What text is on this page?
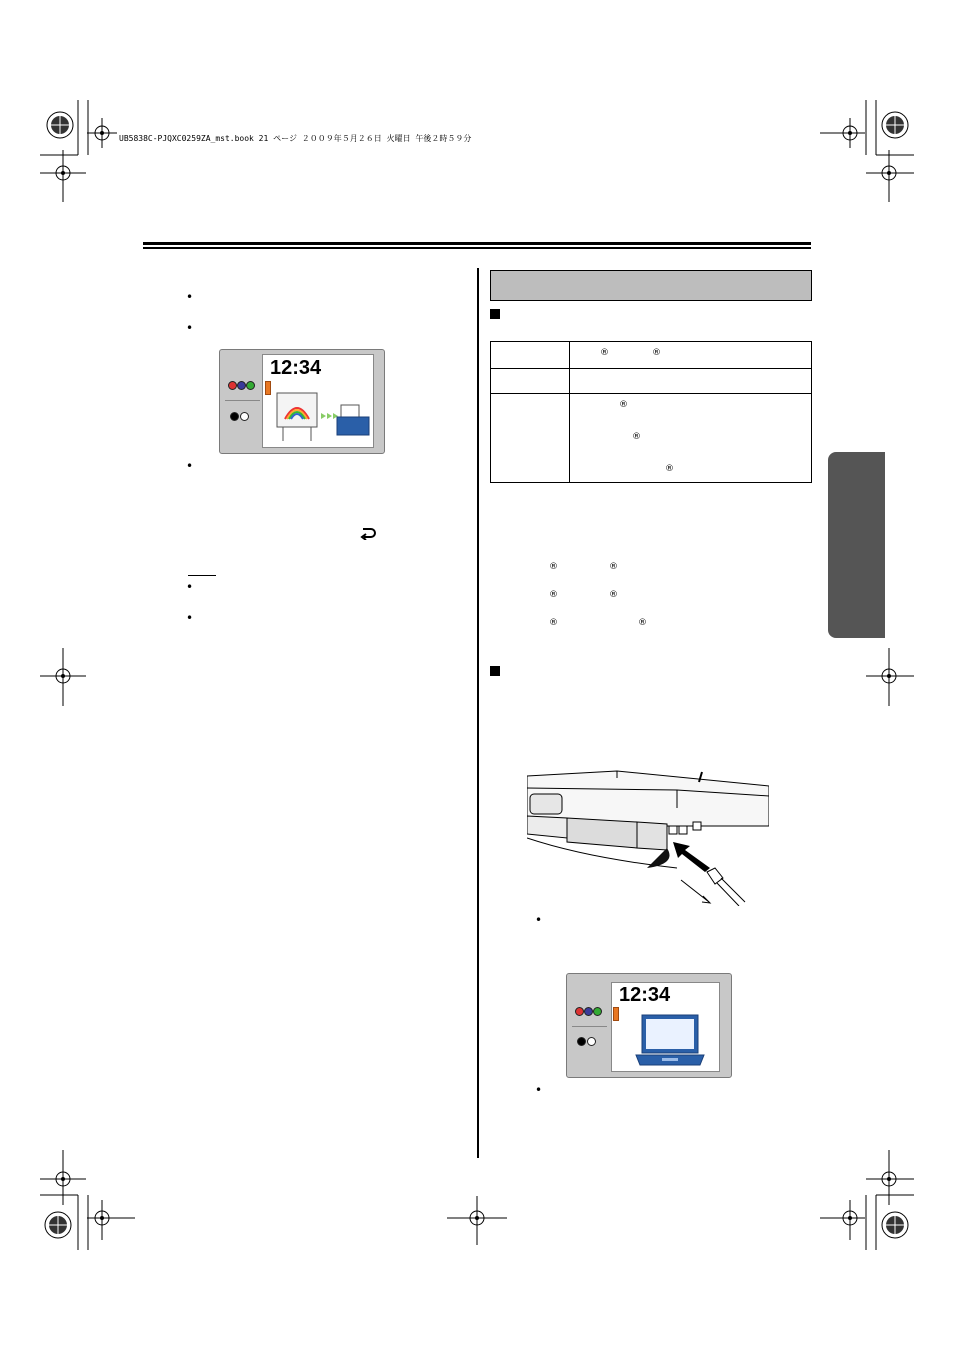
UB5838C-PJQXC0259ZA_mst.book 21 ページ ２００９年５月２６日 火曜日 午後２時５９分
•
•
12:34
•
•
•

	® ®

	®
®
®
®	®
®	®
®	®
•
12:34
•
